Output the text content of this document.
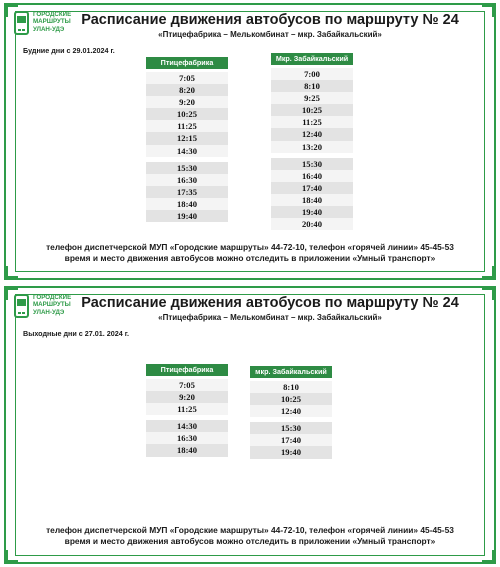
ГОРОДСКИЕ
МАРШРУТЫ
УЛАН-УДЭ
Расписание движения автобусов по маршруту № 24
«Птицефабрика – Мелькомбинат – мкр. Забайкальский»
Будние дни с 29.01.2024 г.
Птицефабрика
7:05
8:20
9:20
10:25
11:25
12:15
14:30
15:30
16:30
17:35
18:40
19:40
Мкр. Забайкальский
7:00
8:10
9:25
10:25
11:25
12:40
13:20
15:30
16:40
17:40
18:40
19:40
20:40
телефон диспетчерской МУП «Городские маршруты» 44-72-10, телефон «горячей линии» 45-45-53
время и место движения автобусов можно отследить в приложении «Умный транспорт»
ГОРОДСКИЕ
МАРШРУТЫ
УЛАН-УДЭ
Расписание движения автобусов по маршруту № 24
«Птицефабрика – Мелькомбинат – мкр. Забайкальский»
Выходные дни с 27.01. 2024 г.
Птицефабрика
7:05
9:20
11:25
14:30
16:30
18:40
мкр. Забайкальский
8:10
10:25
12:40
15:30
17:40
19:40
телефон диспетчерской МУП «Городские маршруты» 44-72-10, телефон «горячей линии» 45-45-53
время и место движения автобусов можно отследить в приложении «Умный транспорт»
